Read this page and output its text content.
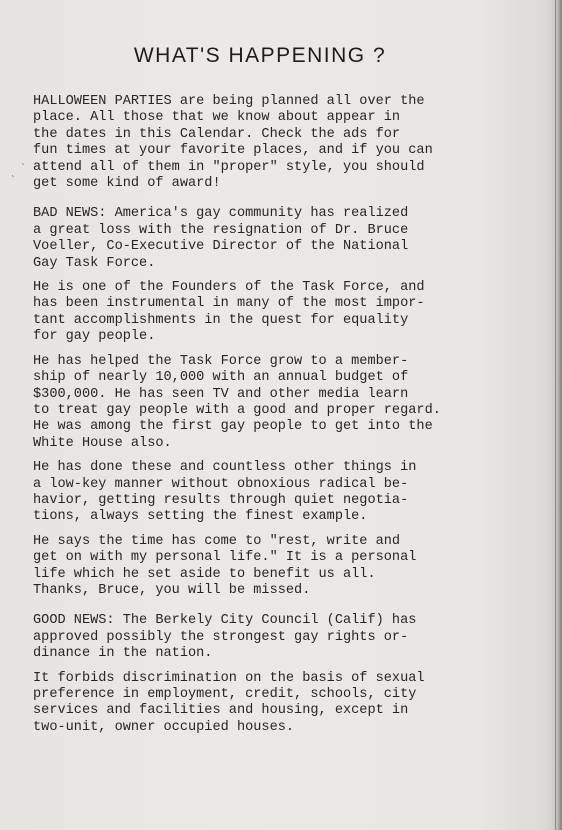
ˎ
ˎ
WHAT'S HAPPENING ?

HALLOWEEN PARTIES are being planned all over the
place. All those that we know about appear in
the dates in this Calendar. Check the ads for
fun times at your favorite places, and if you can
attend all of them in "proper" style, you should
get some kind of award!

BAD NEWS: America's gay community has realized
a great loss with the resignation of Dr. Bruce
Voeller, Co-Executive Director of the National
Gay Task Force.

He is one of the Founders of the Task Force, and
has been instrumental in many of the most impor-
tant accomplishments in the quest for equality
for gay people.

He has helped the Task Force grow to a member-
ship of nearly 10,000 with an annual budget of
$300,000. He has seen TV and other media learn
to treat gay people with a good and proper regard.
He was among the first gay people to get into the
White House also.

He has done these and countless other things in
a low-key manner without obnoxious radical be-
havior, getting results through quiet negotia-
tions, always setting the finest example.

He says the time has come to "rest, write and
get on with my personal life." It is a personal
life which he set aside to benefit us all.
Thanks, Bruce, you will be missed.

GOOD NEWS: The Berkely City Council (Calif) has
approved possibly the strongest gay rights or-
dinance in the nation.

It forbids discrimination on the basis of sexual
preference in employment, credit, schools, city
services and facilities and housing, except in
two-unit, owner occupied houses.
